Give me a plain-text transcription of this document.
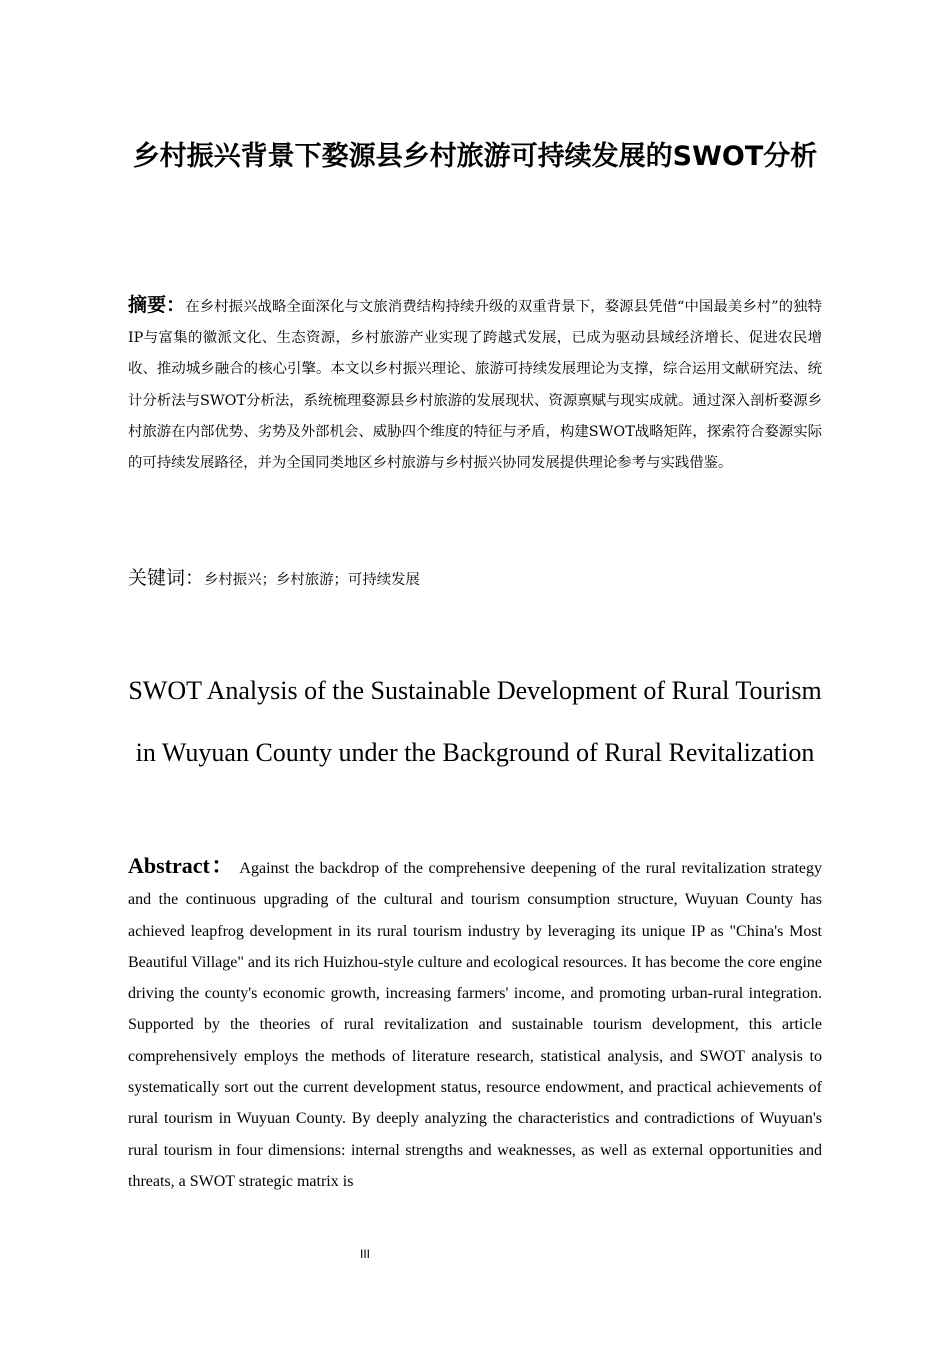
乡村振兴背景下婺源县乡村旅游可持续发展的SWOT分析

摘要：在乡村振兴战略全面深化与文旅消费结构持续升级的双重背景下，婺源县凭借“中国最美乡村”的独特IP与富集的徽派文化、生态资源，乡村旅游产业实现了跨越式发展，已成为驱动县域经济增长、促进农民增收、推动城乡融合的核心引擎。本文以乡村振兴理论、旅游可持续发展理论为支撑，综合运用文献研究法、统计分析法与SWOT分析法，系统梳理婺源县乡村旅游的发展现状、资源禀赋与现实成就。通过深入剖析婺源乡村旅游在内部优势、劣势及外部机会、威胁四个维度的特征与矛盾，构建SWOT战略矩阵，探索符合婺源实际的可持续发展路径，并为全国同类地区乡村旅游与乡村振兴协同发展提供理论参考与实践借鉴。

关键词：乡村振兴；乡村旅游；可持续发展

SWOT Analysis of the Sustainable Development of Rural Tourism
in Wuyuan County under the Background of Rural Revitalization

Abstract： Against the backdrop of the comprehensive deepening of the rural revitalization strategy and the continuous upgrading of the cultural and tourism consumption structure, Wuyuan County has achieved leapfrog development in its rural tourism industry by leveraging its unique IP as "China's Most Beautiful Village" and its rich Huizhou-style culture and ecological resources. It has become the core engine driving the county's economic growth, increasing farmers' income, and promoting urban-rural integration. Supported by the theories of rural revitalization and sustainable tourism development, this article comprehensively employs the methods of literature research, statistical analysis, and SWOT analysis to systematically sort out the current development status, resource endowment, and practical achievements of rural tourism in Wuyuan County. By deeply analyzing the characteristics and contradictions of Wuyuan's rural tourism in four dimensions: internal strengths and weaknesses, as well as external opportunities and threats, a SWOT strategic matrix is

III
